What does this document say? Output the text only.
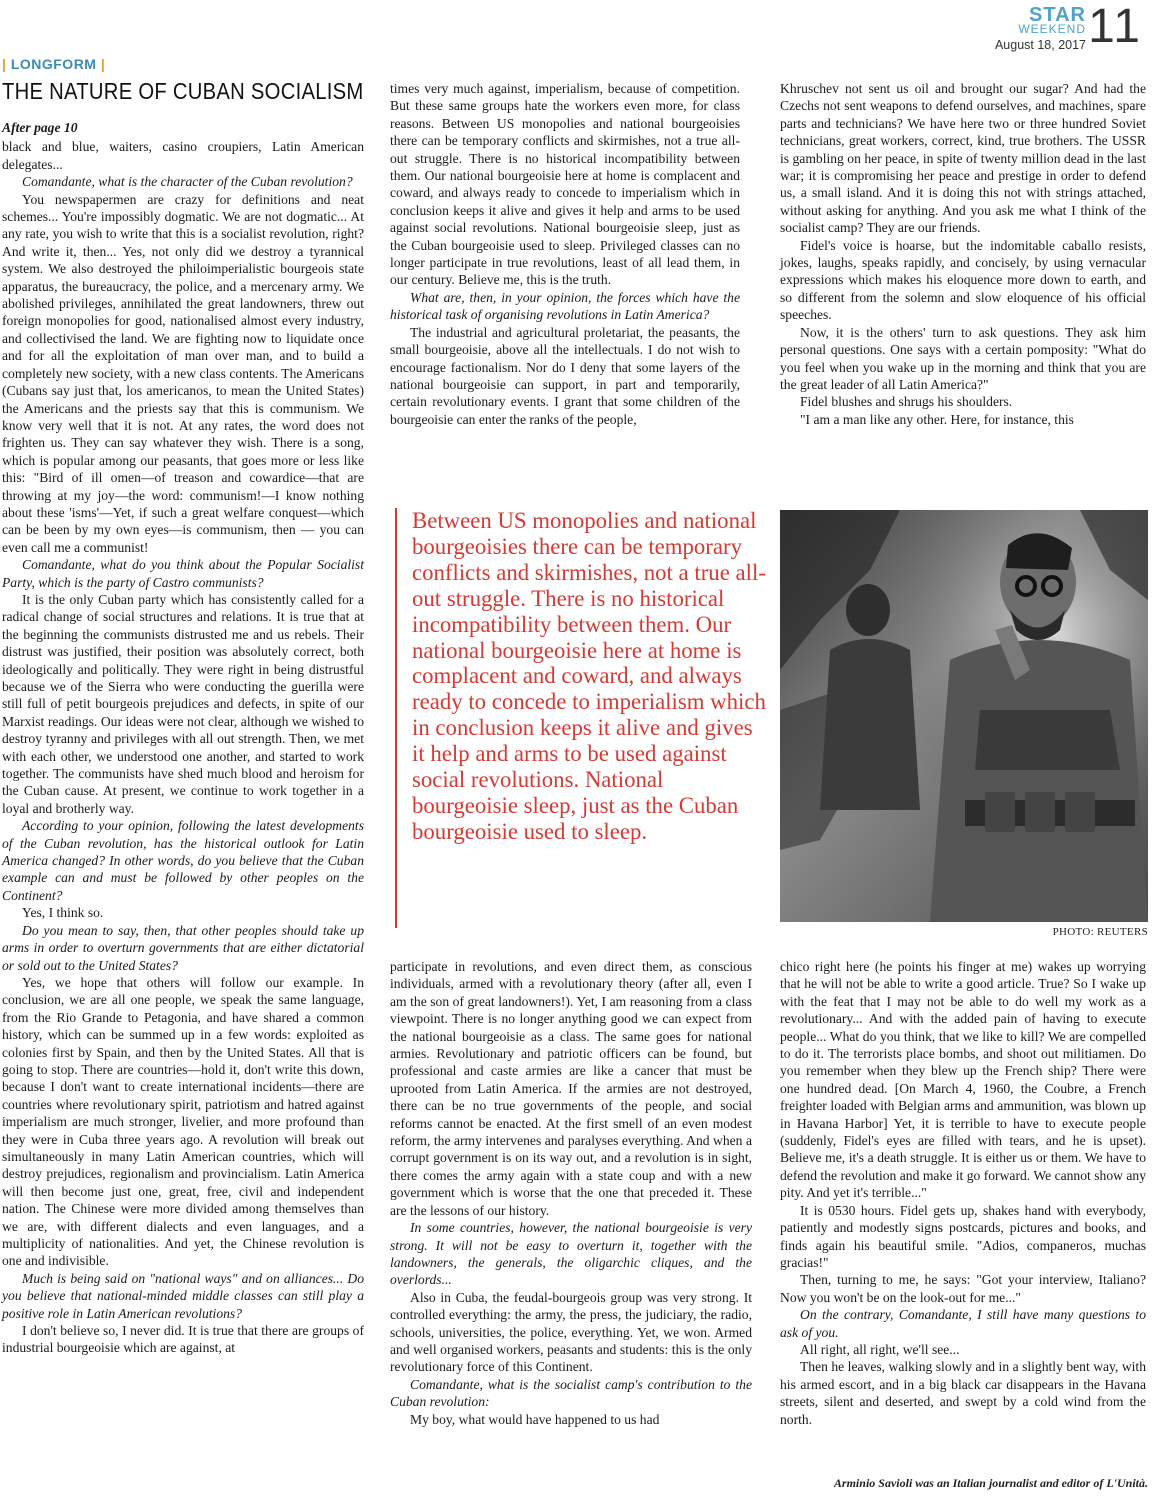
STAR
WEEKEND
August 18, 2017 11
| LONGFORM |
THE NATURE OF CUBAN SOCIALISM

After page 10

black and blue, waiters, casino croupiers, Latin American delegates...

Comandante, what is the character of the Cuban revolution?

You newspapermen are crazy for definitions and neat schemes... You're impossibly dogmatic. We are not dogmatic... At any rate, you wish to write that this is a socialist revolution, right? And write it, then... Yes, not only did we destroy a tyrannical system. We also destroyed the philoimperialistic bourgeois state apparatus, the bureaucracy, the police, and a mercenary army. We abolished privileges, annihilated the great landowners, threw out foreign monopolies for good, nationalised almost every industry, and collectivised the land. We are fighting now to liquidate once and for all the exploitation of man over man, and to build a completely new society, with a new class contents. The Americans (Cubans say just that, los americanos, to mean the United States) the Americans and the priests say that this is communism. We know very well that it is not. At any rates, the word does not frighten us. They can say whatever they wish. There is a song, which is popular among our peasants, that goes more or less like this: "Bird of ill omen—of treason and cowardice—that are throwing at my joy—the word: communism!—I know nothing about these 'isms'—Yet, if such a great welfare conquest—which can be been by my own eyes—is communism, then — you can even call me a communist!

Comandante, what do you think about the Popular Socialist Party, which is the party of Castro communists?

It is the only Cuban party which has consistently called for a radical change of social structures and relations. It is true that at the beginning the communists distrusted me and us rebels. Their distrust was justified, their position was absolutely correct, both ideologically and politically. They were right in being distrustful because we of the Sierra who were conducting the guerilla were still full of petit bourgeois prejudices and defects, in spite of our Marxist readings. Our ideas were not clear, although we wished to destroy tyranny and privileges with all out strength. Then, we met with each other, we understood one another, and started to work together. The communists have shed much blood and heroism for the Cuban cause. At present, we continue to work together in a loyal and brotherly way.

According to your opinion, following the latest developments of the Cuban revolution, has the historical outlook for Latin America changed? In other words, do you believe that the Cuban example can and must be followed by other peoples on the Continent?

Yes, I think so.

Do you mean to say, then, that other peoples should take up arms in order to overturn governments that are either dictatorial or sold out to the United States?

Yes, we hope that others will follow our example. In conclusion, we are all one people, we speak the same language, from the Rio Grande to Petagonia, and have shared a common history, which can be summed up in a few words: exploited as colonies first by Spain, and then by the United States. All that is going to stop. There are countries—hold it, don't write this down, because I don't want to create international incidents—there are countries where revolutionary spirit, patriotism and hatred against imperialism are much stronger, livelier, and more profound than they were in Cuba three years ago. A revolution will break out simultaneously in many Latin American countries, which will destroy prejudices, regionalism and provincialism. Latin America will then become just one, great, free, civil and independent nation. The Chinese were more divided among themselves than we are, with different dialects and even languages, and a multiplicity of nationalities. And yet, the Chinese revolution is one and indivisible.

Much is being said on "national ways" and on alliances... Do you believe that national-minded middle classes can still play a positive role in Latin American revolutions?

I don't believe so, I never did. It is true that there are groups of industrial bourgeoisie which are against, at

times very much against, imperialism, because of competition. But these same groups hate the workers even more, for class reasons. Between US monopolies and national bourgeoisies there can be temporary conflicts and skirmishes, not a true all-out struggle. There is no historical incompatibility between them. Our national bourgeoisie here at home is complacent and coward, and always ready to concede to imperialism which in conclusion keeps it alive and gives it help and arms to be used against social revolutions. National bourgeoisie sleep, just as the Cuban bourgeoisie used to sleep. Privileged classes can no longer participate in true revolutions, least of all lead them, in our century. Believe me, this is the truth.

What are, then, in your opinion, the forces which have the historical task of organising revolutions in Latin America?

The industrial and agricultural proletariat, the peasants, the small bourgeoisie, above all the intellectuals. I do not wish to encourage factionalism. Nor do I deny that some layers of the national bourgeoisie can support, in part and temporarily, certain revolutionary events. I grant that some children of the bourgeoisie can enter the ranks of the people,

Between US monopolies and national bourgeoisies there can be temporary conflicts and skirmishes, not a true all-out struggle. There is no historical incompatibility between them. Our national bourgeoisie here at home is complacent and coward, and always ready to concede to imperialism which in conclusion keeps it alive and gives it help and arms to be used against social revolutions. National bourgeoisie sleep, just as the Cuban bourgeoisie used to sleep.

participate in revolutions, and even direct them, as conscious individuals, armed with a revolutionary theory (after all, even I am the son of great landowners!). Yet, I am reasoning from a class viewpoint. There is no longer anything good we can expect from the national bourgeoisie as a class. The same goes for national armies. Revolutionary and patriotic officers can be found, but professional and caste armies are like a cancer that must be uprooted from Latin America. If the armies are not destroyed, there can be no true governments of the people, and social reforms cannot be enacted. At the first smell of an even modest reform, the army intervenes and paralyses everything. And when a corrupt government is on its way out, and a revolution is in sight, there comes the army again with a state coup and with a new government which is worse that the one that preceded it. These are the lessons of our history.

In some countries, however, the national bourgeoisie is very strong. It will not be easy to overturn it, together with the landowners, the generals, the oligarchic cliques, and the overlords...

Also in Cuba, the feudal-bourgeois group was very strong. It controlled everything: the army, the press, the judiciary, the radio, schools, universities, the police, everything. Yet, we won. Armed and well organised workers, peasants and students: this is the only revolutionary force of this Continent.

Comandante, what is the socialist camp's contribution to the Cuban revolution:

My boy, what would have happened to us had

Khruschev not sent us oil and brought our sugar? And had the Czechs not sent weapons to defend ourselves, and machines, spare parts and technicians? We have here two or three hundred Soviet technicians, great workers, correct, kind, true brothers. The USSR is gambling on her peace, in spite of twenty million dead in the last war; it is compromising her peace and prestige in order to defend us, a small island. And it is doing this not with strings attached, without asking for anything. And you ask me what I think of the socialist camp? They are our friends.

Fidel's voice is hoarse, but the indomitable caballo resists, jokes, laughs, speaks rapidly, and concisely, by using vernacular expressions which makes his eloquence more down to earth, and so different from the solemn and slow eloquence of his official speeches.

Now, it is the others' turn to ask questions. They ask him personal questions. One says with a certain pomposity: "What do you feel when you wake up in the morning and think that you are the great leader of all Latin America?"

Fidel blushes and shrugs his shoulders.

"I am a man like any other. Here, for instance, this

PHOTO: REUTERS

chico right here (he points his finger at me) wakes up worrying that he will not be able to write a good article. True? So I wake up with the feat that I may not be able to do well my work as a revolutionary... And with the added pain of having to execute people... What do you think, that we like to kill? We are compelled to do it. The terrorists place bombs, and shoot out militiamen. Do you remember when they blew up the French ship? There were one hundred dead. [On March 4, 1960, the Coubre, a French freighter loaded with Belgian arms and ammunition, was blown up in Havana Harbor] Yet, it is terrible to have to execute people (suddenly, Fidel's eyes are filled with tears, and he is upset). Believe me, it's a death struggle. It is either us or them. We have to defend the revolution and make it go forward. We cannot show any pity. And yet it's terrible..."

It is 0530 hours. Fidel gets up, shakes hand with everybody, patiently and modestly signs postcards, pictures and books, and finds again his beautiful smile. "Adios, companeros, muchas gracias!"

Then, turning to me, he says: "Got your interview, Italiano? Now you won't be on the look-out for me..."

On the contrary, Comandante, I still have many questions to ask of you.

All right, all right, we'll see...

Then he leaves, walking slowly and in a slightly bent way, with his armed escort, and in a big black car disappears in the Havana streets, silent and deserted, and swept by a cold wind from the north.

Arminio Savioli was an Italian journalist and editor of L'Unità.
